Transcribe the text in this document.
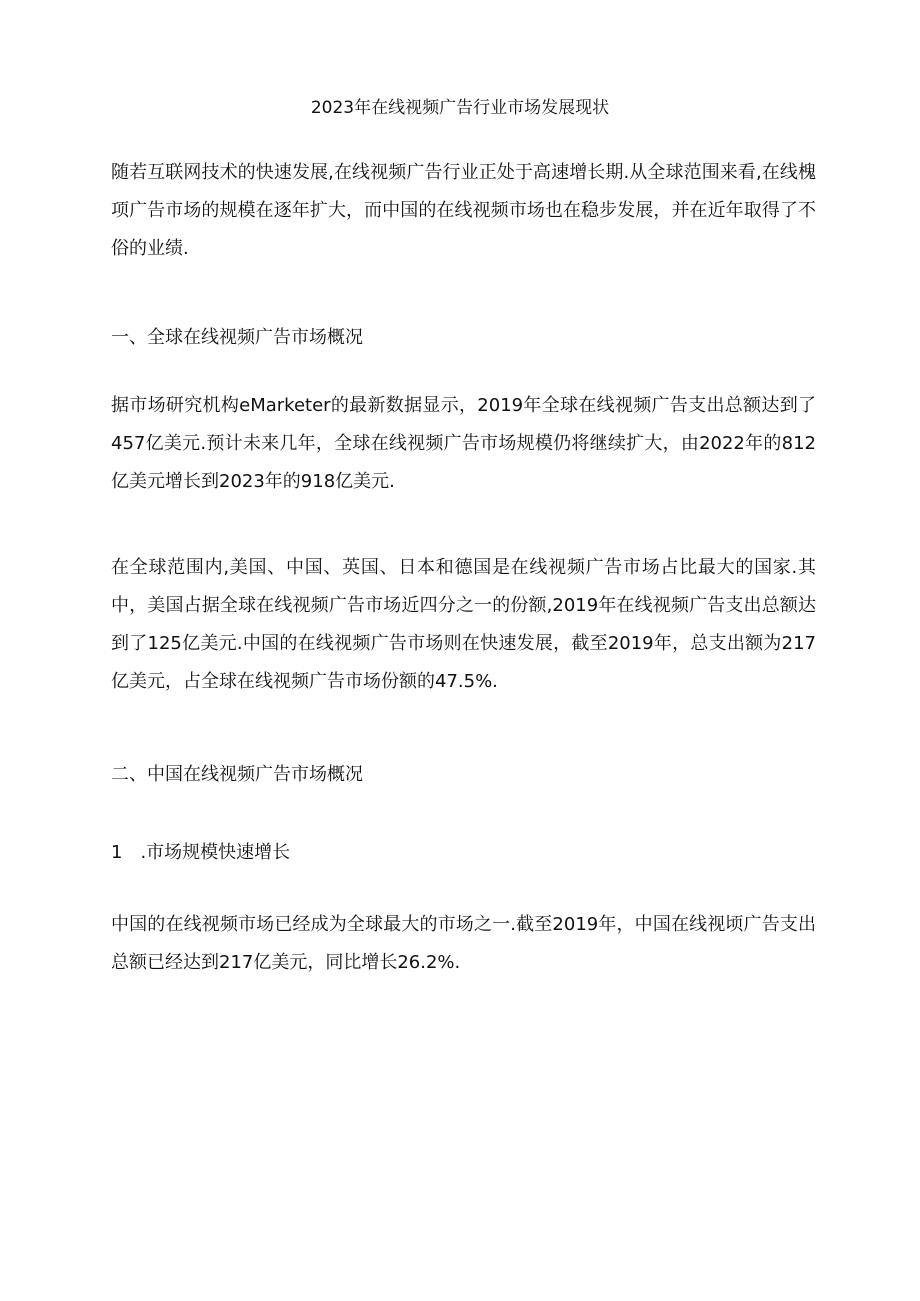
2023年在线视频广告行业市场发展现状

随若互联网技术的快速发展,在线视频广告行业正处于高速增长期.从全球范围来看,在线槐项广告市场的规模在逐年扩大，而中国的在线视频市场也在稳步发展，并在近年取得了不俗的业绩.

一、全球在线视频广告市场概况

据市场研究机构eMarketer的最新数据显示，2019年全球在线视频广告支出总额达到了457亿美元.预计未来几年，全球在线视频广告市场规模仍将继续扩大，由2022年的812亿美元增长到2023年的918亿美元.

在全球范围内,美国、中国、英国、日本和德国是在线视频广告市场占比最大的国家.其中，美国占据全球在线视频广告市场近四分之一的份额,2019年在线视频广告支出总额达到了125亿美元.中国的在线视频广告市场则在快速发展，截至2019年，总支出额为217亿美元，占全球在线视频广告市场份额的47.5%.

二、中国在线视频广告市场概况

1　.市场规模快速增长

中国的在线视频市场已经成为全球最大的市场之一.截至2019年，中国在线视顷广告支出总额已经达到217亿美元，同比增长26.2%.
